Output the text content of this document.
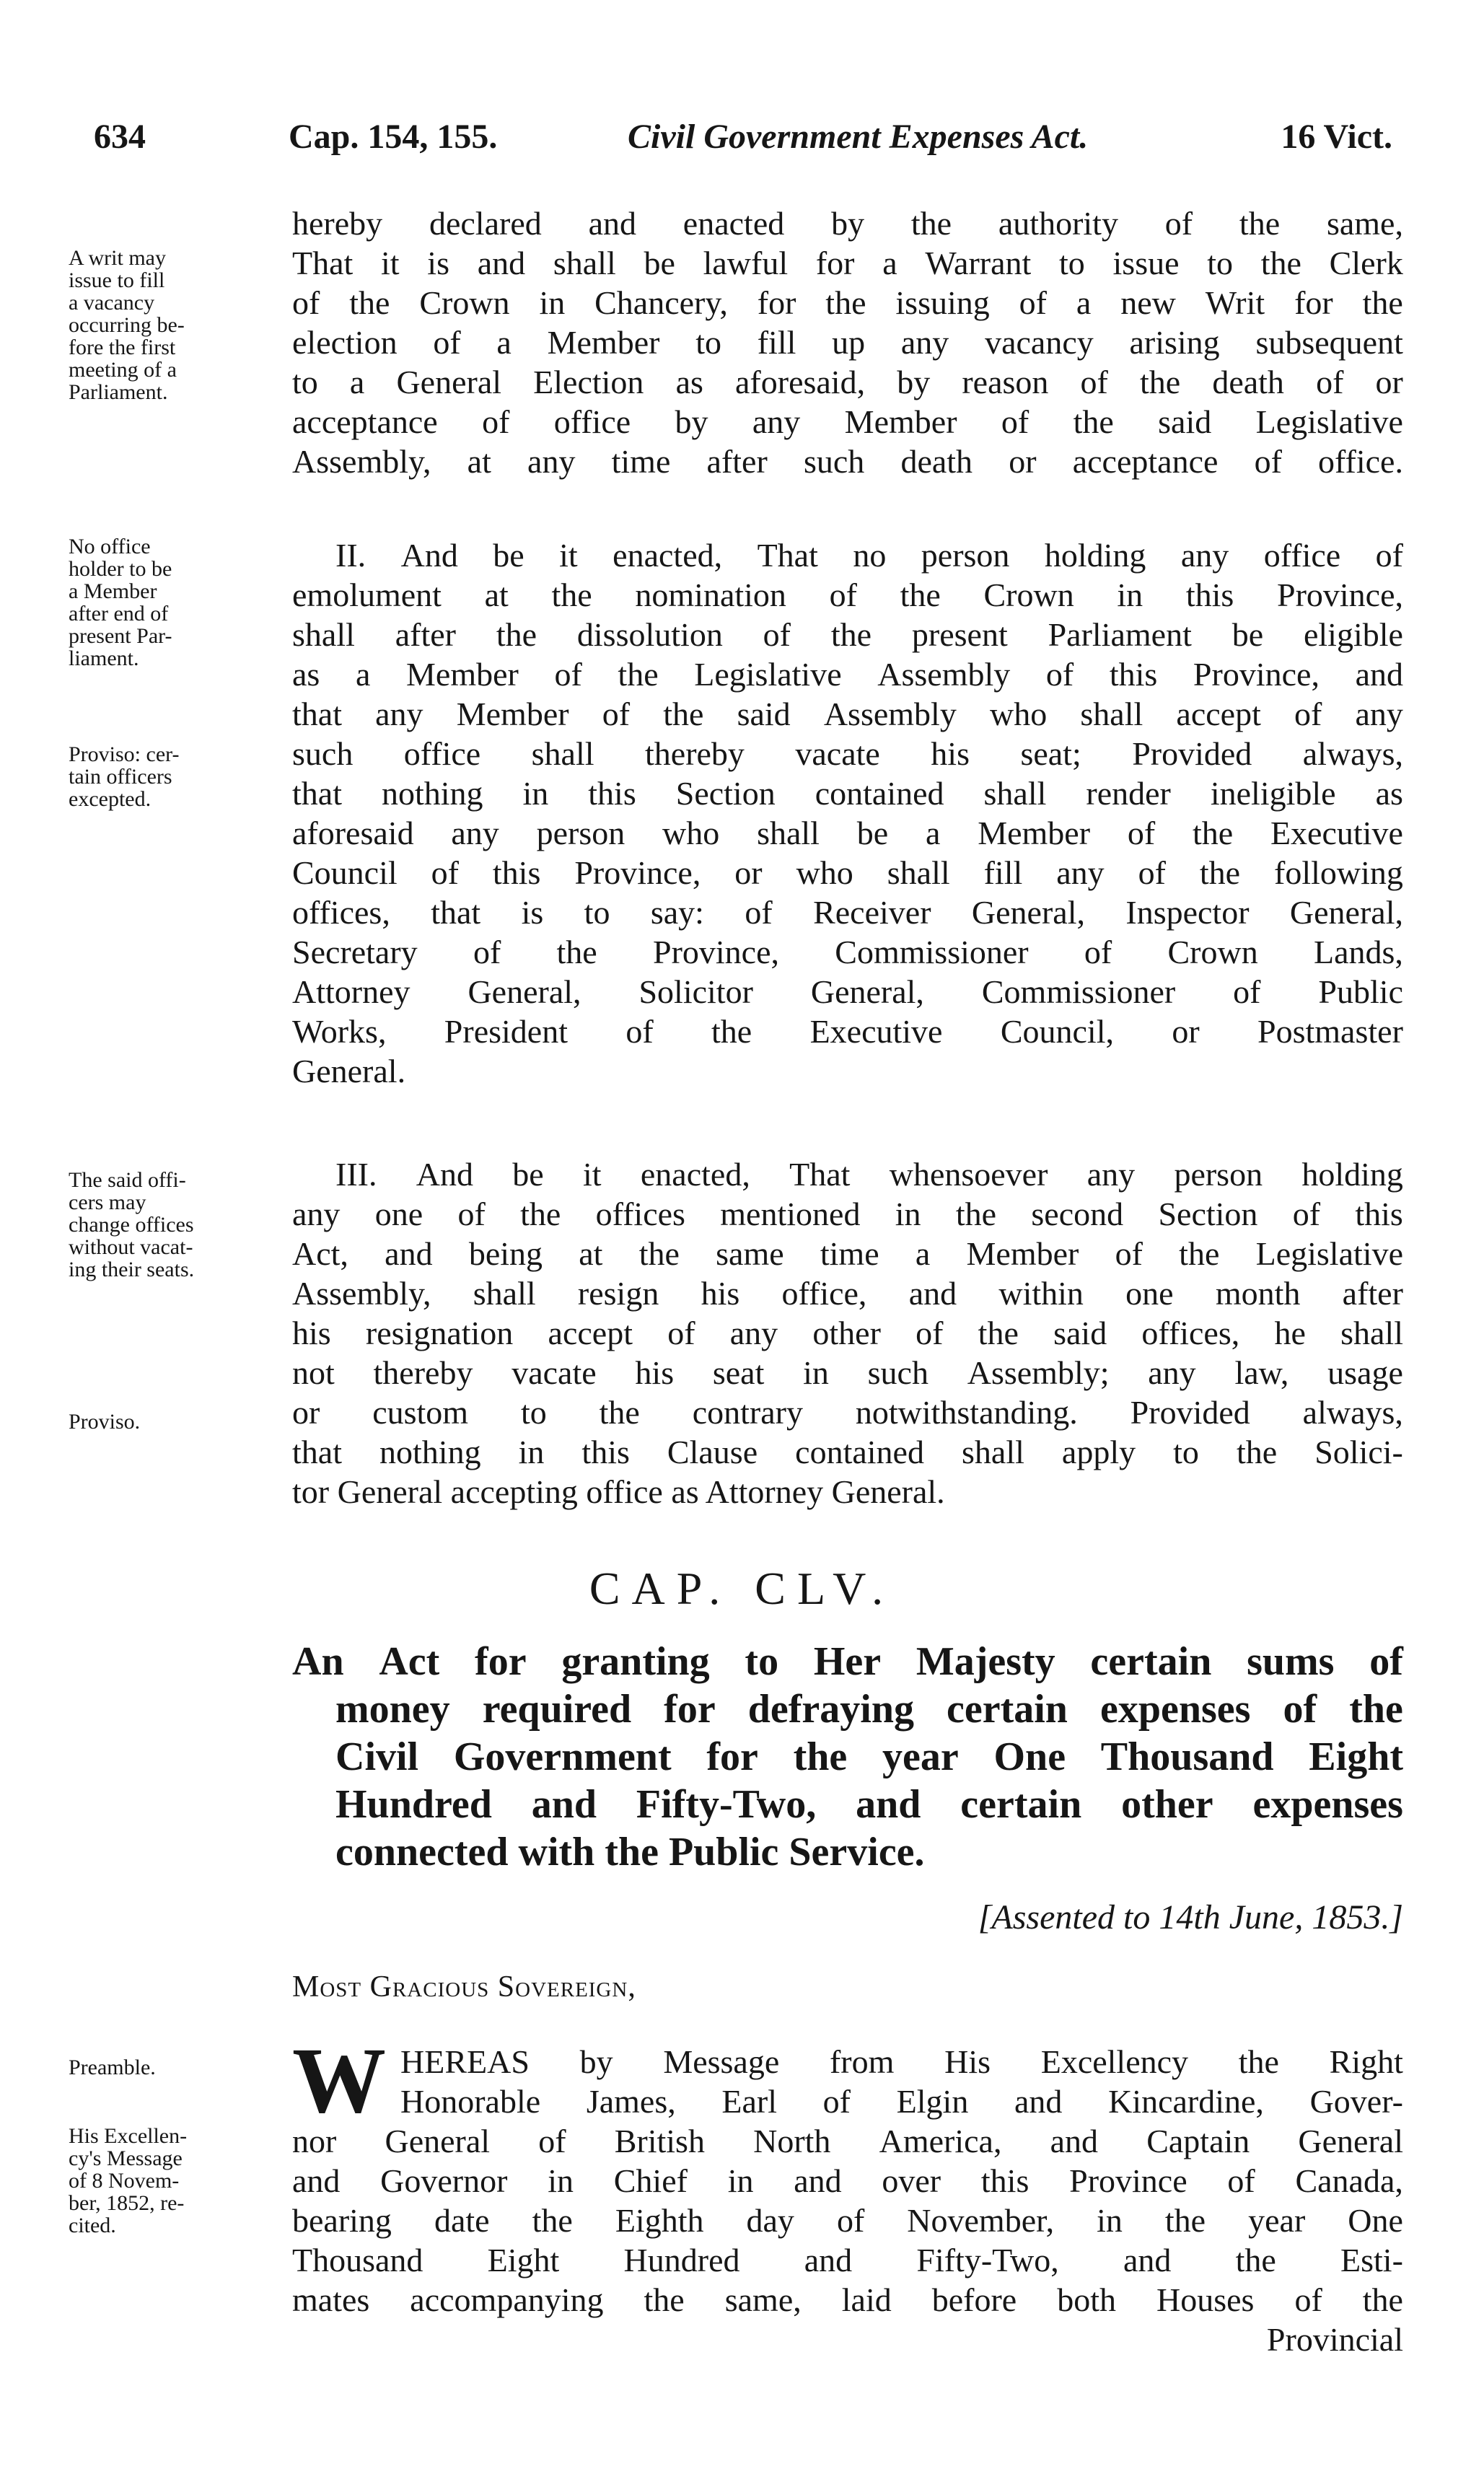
634	Cap. 154, 155.	Civil Government Expenses Act.	16 Vict.
A writ may
issue to fill
a vacancy
occurring be-
fore the first
meeting of a
Parliament.
No office
holder to be
a Member
after end of
present Par-
liament.
Proviso: cer-
tain officers
excepted.
The said offi-
cers may
change offices
without vacat-
ing their seats.
Proviso.
Preamble.
His Excellen-
cy's Message
of 8 Novem-
ber, 1852, re-
cited.
hereby declared and enacted by the authority of the same,
That it is and shall be lawful for a Warrant to issue to the Clerk
of the Crown in Chancery, for the issuing of a new Writ for the
election of a Member to fill up any vacancy arising subsequent
to a General Election as aforesaid, by reason of the death of or
acceptance of office by any Member of the said Legislative
Assembly, at any time after such death or acceptance of office.
II. And be it enacted, That no person holding any office of
emolument at the nomination of the Crown in this Province,
shall after the dissolution of the present Parliament be eligible
as a Member of the Legislative Assembly of this Province, and
that any Member of the said Assembly who shall accept of any
such office shall thereby vacate his seat; Provided always,
that nothing in this Section contained shall render ineligible as
aforesaid any person who shall be a Member of the Executive
Council of this Province, or who shall fill any of the following
offices, that is to say: of Receiver General, Inspector General,
Secretary of the Province, Commissioner of Crown Lands,
Attorney General, Solicitor General, Commissioner of Public
Works, President of the Executive Council, or Postmaster
General.
III. And be it enacted, That whensoever any person holding
any one of the offices mentioned in the second Section of this
Act, and being at the same time a Member of the Legislative
Assembly, shall resign his office, and within one month after
his resignation accept of any other of the said offices, he shall
not thereby vacate his seat in such Assembly; any law, usage
or custom to the contrary notwithstanding. Provided always,
that nothing in this Clause contained shall apply to the Solici-
tor General accepting office as Attorney General.
CAP. CLV.
An Act for granting to Her Majesty certain sums of
money required for defraying certain expenses of the
Civil Government for the year One Thousand Eight
Hundred and Fifty-Two, and certain other expenses
connected with the Public Service.
[Assented to 14th June, 1853.]
Most Gracious Sovereign,
W HEREAS by Message from His Excellency the Right
Honorable James, Earl of Elgin and Kincardine, Gover-
nor General of British North America, and Captain General
and Governor in Chief in and over this Province of Canada,
bearing date the Eighth day of November, in the year One
Thousand Eight Hundred and Fifty-Two, and the Esti-
mates accompanying the same, laid before both Houses of the
Provincial
